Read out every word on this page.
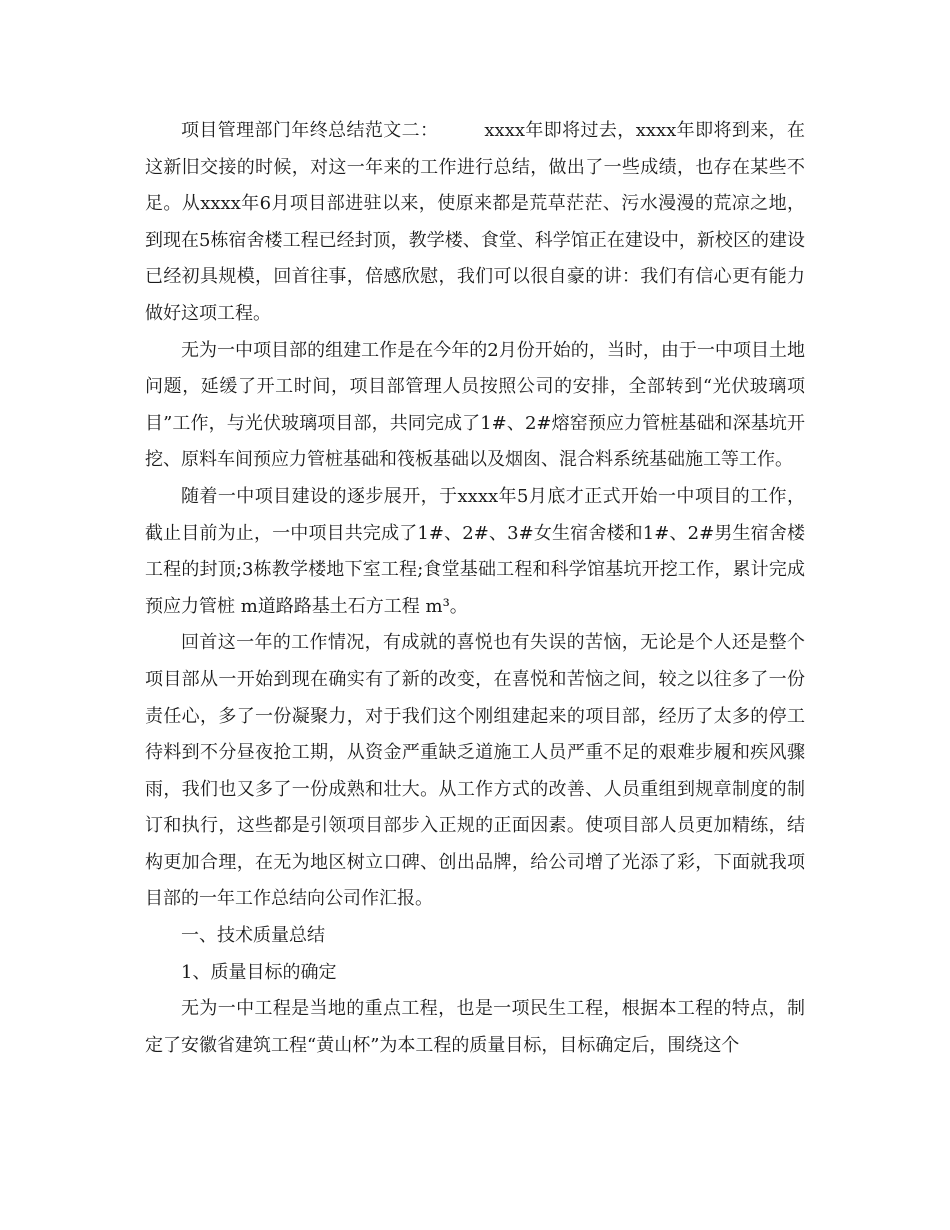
项目管理部门年终总结范文二：	xxxx年即将过去，xxxx年即将到来，在这新旧交接的时候，对这一年来的工作进行总结，做出了一些成绩，也存在某些不足。从xxxx年6月项目部进驻以来，使原来都是荒草茫茫、污水漫漫的荒凉之地，到现在5栋宿舍楼工程已经封顶，教学楼、食堂、科学馆正在建设中，新校区的建设已经初具规模，回首往事，倍感欣慰，我们可以很自豪的讲：我们有信心更有能力做好这项工程。

无为一中项目部的组建工作是在今年的2月份开始的，当时，由于一中项目土地问题，延缓了开工时间，项目部管理人员按照公司的安排，全部转到“光伏玻璃项目”工作，与光伏玻璃项目部，共同完成了1#、2#熔窑预应力管桩基础和深基坑开挖、原料车间预应力管桩基础和筏板基础以及烟囱、混合料系统基础施工等工作。

随着一中项目建设的逐步展开，于xxxx年5月底才正式开始一中项目的工作，截止目前为止，一中项目共完成了1#、2#、3#女生宿舍楼和1#、2#男生宿舍楼工程的封顶;3栋教学楼地下室工程;食堂基础工程和科学馆基坑开挖工作，累计完成预应力管桩 m道路路基土石方工程 m³。

回首这一年的工作情况，有成就的喜悦也有失误的苦恼，无论是个人还是整个项目部从一开始到现在确实有了新的改变，在喜悦和苦恼之间，较之以往多了一份责任心，多了一份凝聚力，对于我们这个刚组建起来的项目部，经历了太多的停工待料到不分昼夜抢工期，从资金严重缺乏道施工人员严重不足的艰难步履和疾风骤雨，我们也又多了一份成熟和壮大。从工作方式的改善、人员重组到规章制度的制订和执行，这些都是引领项目部步入正规的正面因素。使项目部人员更加精练，结构更加合理，在无为地区树立口碑、创出品牌，给公司增了光添了彩，下面就我项目部的一年工作总结向公司作汇报。

一、技术质量总结

1、质量目标的确定

无为一中工程是当地的重点工程，也是一项民生工程，根据本工程的特点，制定了安徽省建筑工程“黄山杯”为本工程的质量目标，目标确定后，围绕这个
